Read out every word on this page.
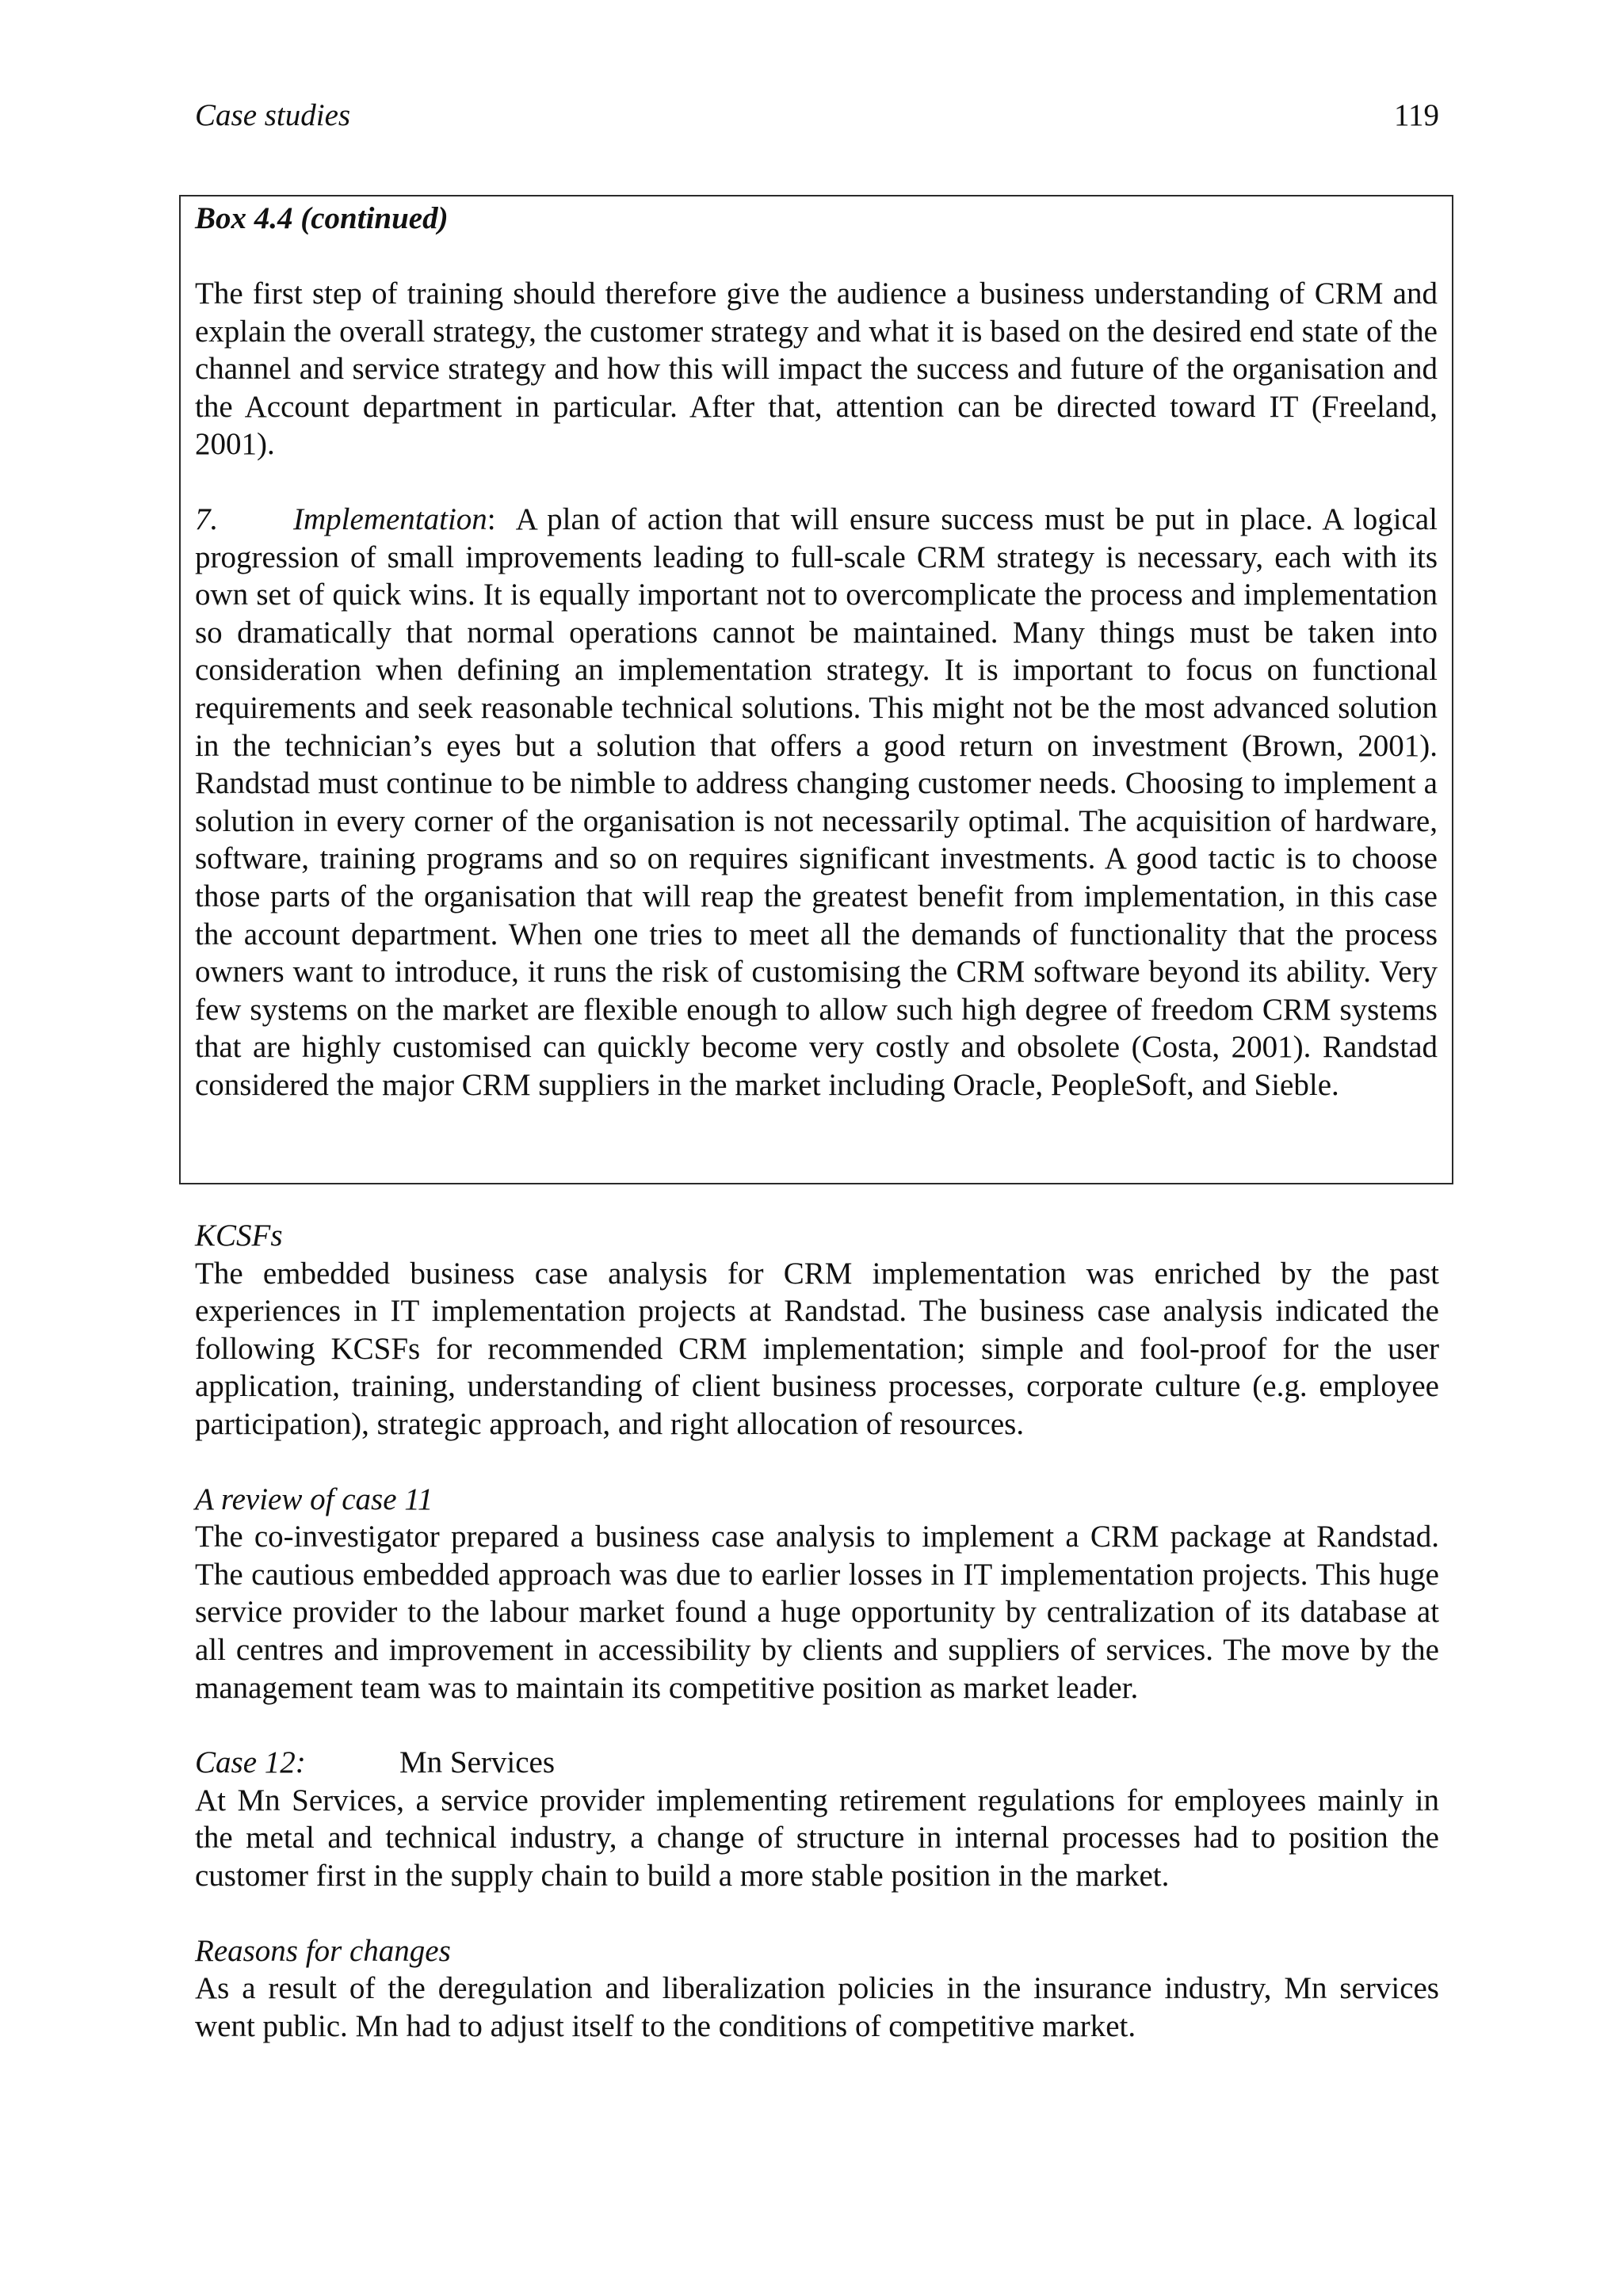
Case studies	119
Box 4.4 (continued)

The first step of training should therefore give the audience a business understanding of CRM and explain the overall strategy, the customer strategy and what it is based on the desired end state of the channel and service strategy and how this will impact the success and future of the organisation and the Account department in particular. After that, attention can be directed toward IT (Freeland, 2001).

7. Implementation: A plan of action that will ensure success must be put in place. A logical progression of small improvements leading to full-scale CRM strategy is necessary, each with its own set of quick wins. It is equally important not to overcomplicate the process and implementation so dramatically that normal operations cannot be maintained. Many things must be taken into consideration when defining an implementation strategy. It is important to focus on functional requirements and seek reasonable technical solutions. This might not be the most advanced solution in the technician’s eyes but a solution that offers a good return on investment (Brown, 2001). Randstad must continue to be nimble to address changing customer needs. Choosing to implement a solution in every corner of the organisation is not necessarily optimal. The acquisition of hardware, software, training programs and so on requires significant investments. A good tactic is to choose those parts of the organisation that will reap the greatest benefit from implementation, in this case the account department. When one tries to meet all the demands of functionality that the process owners want to introduce, it runs the risk of customising the CRM software beyond its ability. Very few systems on the market are flexible enough to allow such high degree of freedom CRM systems that are highly customised can quickly become very costly and obsolete (Costa, 2001). Randstad considered the major CRM suppliers in the market including Oracle, PeopleSoft, and Sieble.

KCSFs

The embedded business case analysis for CRM implementation was enriched by the past experiences in IT implementation projects at Randstad. The business case analysis indicated the following KCSFs for recommended CRM implementation; simple and fool-proof for the user application, training, understanding of client business processes, corporate culture (e.g. employee participation), strategic approach, and right allocation of resources.

A review of case 11

The co-investigator prepared a business case analysis to implement a CRM package at Randstad. The cautious embedded approach was due to earlier losses in IT implementation projects. This huge service provider to the labour market found a huge opportunity by centralization of its database at all centres and improvement in accessibility by clients and suppliers of services. The move by the management team was to maintain its competitive position as market leader.

Case 12:	Mn Services

At Mn Services, a service provider implementing retirement regulations for employees mainly in the metal and technical industry, a change of structure in internal processes had to position the customer first in the supply chain to build a more stable position in the market.

Reasons for changes

As a result of the deregulation and liberalization policies in the insurance industry, Mn services went public. Mn had to adjust itself to the conditions of competitive market.
